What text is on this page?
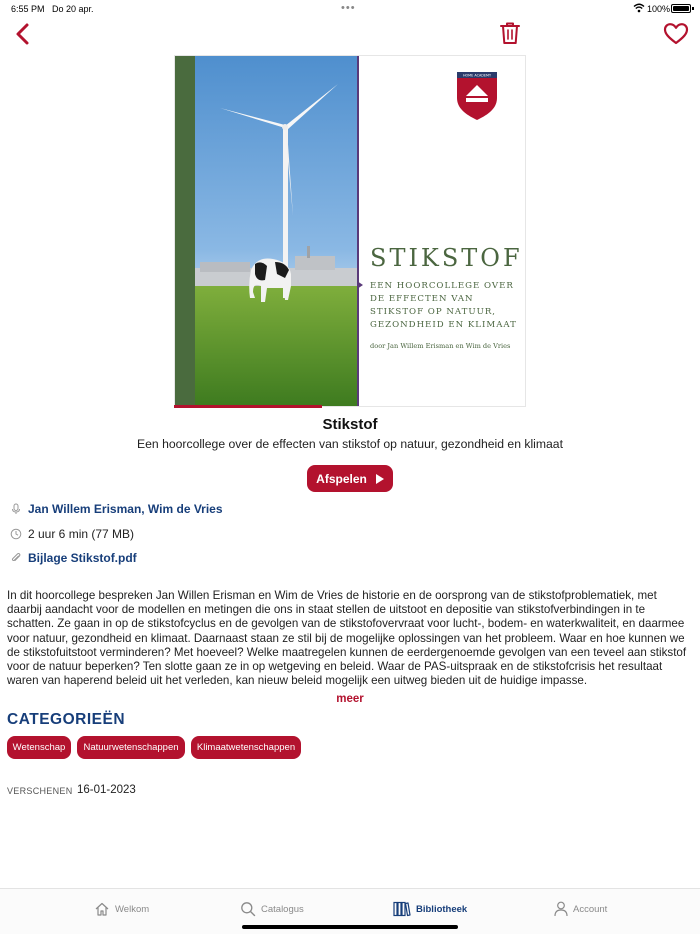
6:55 PM Do 20 apr.	•••	100%
HOME ACADEMY
STIKSTOF
EEN HOORCOLLEGE OVER DE EFFECTEN VAN STIKSTOF OP NATUUR, GEZONDHEID EN KLIMAAT
door Jan Willem Erisman en Wim de Vries
Stikstof
Een hoorcollege over de effecten van stikstof op natuur, gezondheid en klimaat
Afspelen
Jan Willem Erisman, Wim de Vries
2 uur 6 min (77 MB)
Bijlage Stikstof.pdf
In dit hoorcollege bespreken Jan Willen Erisman en Wim de Vries de historie en de oorsprong van de stikstofproblematiek, met daarbij aandacht voor de modellen en metingen die ons in staat stellen de uitstoot en depositie van stikstofverbindingen in te schatten. Ze gaan in op de stikstofcyclus en de gevolgen van de stikstofovervraat voor lucht-, bodem- en waterkwaliteit, en daarmee voor natuur, gezondheid en klimaat. Daarnaast staan ze stil bij de mogelijke oplossingen van het probleem. Waar en hoe kunnen we de stikstofuitstoot verminderen? Met hoeveel? Welke maatregelen kunnen de eerdergenoemde gevolgen van een teveel aan stikstof voor de natuur beperken? Ten slotte gaan ze in op wetgeving en beleid. Waar de PAS-uitspraak en de stikstofcrisis het resultaat waren van haperend beleid uit het verleden, kan nieuw beleid mogelijk een uitweg bieden uit de huidige impasse.
meer
CATEGORIEËN
Wetenschap	Natuurwetenschappen	Klimaatwetenschappen
VERSCHENEN 16-01-2023
Welkom	Catalogus	Bibliotheek	Account
